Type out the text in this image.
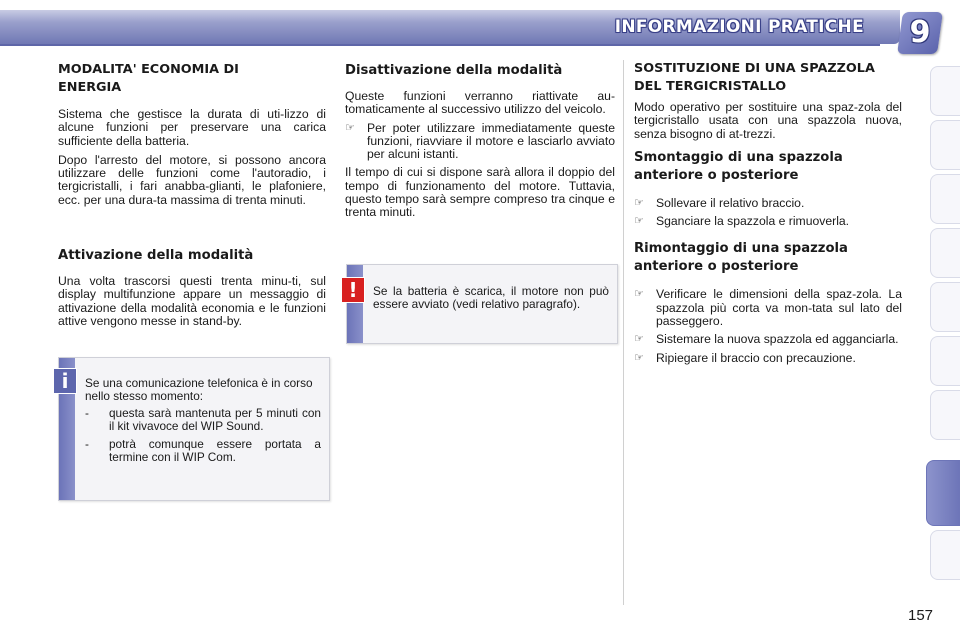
INFORMAZIONI PRATICHE	9
MODALITA' ECONOMIA DI ENERGIA

Sistema che gestisce la durata di uti-lizzo di alcune funzioni per preservare una carica sufficiente della batteria.

Dopo l'arresto del motore, si possono ancora utilizzare delle funzioni come l'autoradio, i tergicristalli, i fari anabba-glianti, le plafoniere, ecc. per una dura-ta massima di trenta minuti.

Attivazione della modalità

Una volta trascorsi questi trenta minu-ti, sul display multifunzione appare un messaggio di attivazione della modalità economia e le funzioni attive vengono messe in stand-by.

i	Se una comunicazione telefonica è in corso nello stesso momento:
- questa sarà mantenuta per 5 minuti con il kit vivavoce del WIP Sound.
- potrà comunque essere portata a termine con il WIP Com.
Disattivazione della modalità

Queste funzioni verranno riattivate au-tomaticamente al successivo utilizzo del veicolo.

☞ Per poter utilizzare immediatamente queste funzioni, riavviare il motore e lasciarlo avviato per alcuni istanti.

Il tempo di cui si dispone sarà allora il doppio del tempo di funzionamento del motore. Tuttavia, questo tempo sarà sempre compreso tra cinque e trenta minuti.

!	Se la batteria è scarica, il motore non può essere avviato (vedi relativo paragrafo).
SOSTITUZIONE DI UNA SPAZZOLA DEL TERGICRISTALLO

Modo operativo per sostituire una spaz-zola del tergicristallo usata con una spazzola nuova, senza bisogno di at-trezzi.

Smontaggio di una spazzola anteriore o posteriore
☞ Sollevare il relativo braccio.
☞ Sganciare la spazzola e rimuoverla.
Rimontaggio di una spazzola anteriore o posteriore
☞ Verificare le dimensioni della spaz-zola. La spazzola più corta va mon-tata sul lato del passeggero.
☞ Sistemare la nuova spazzola ed agganciarla.
☞ Ripiegare il braccio con precauzione.
157
